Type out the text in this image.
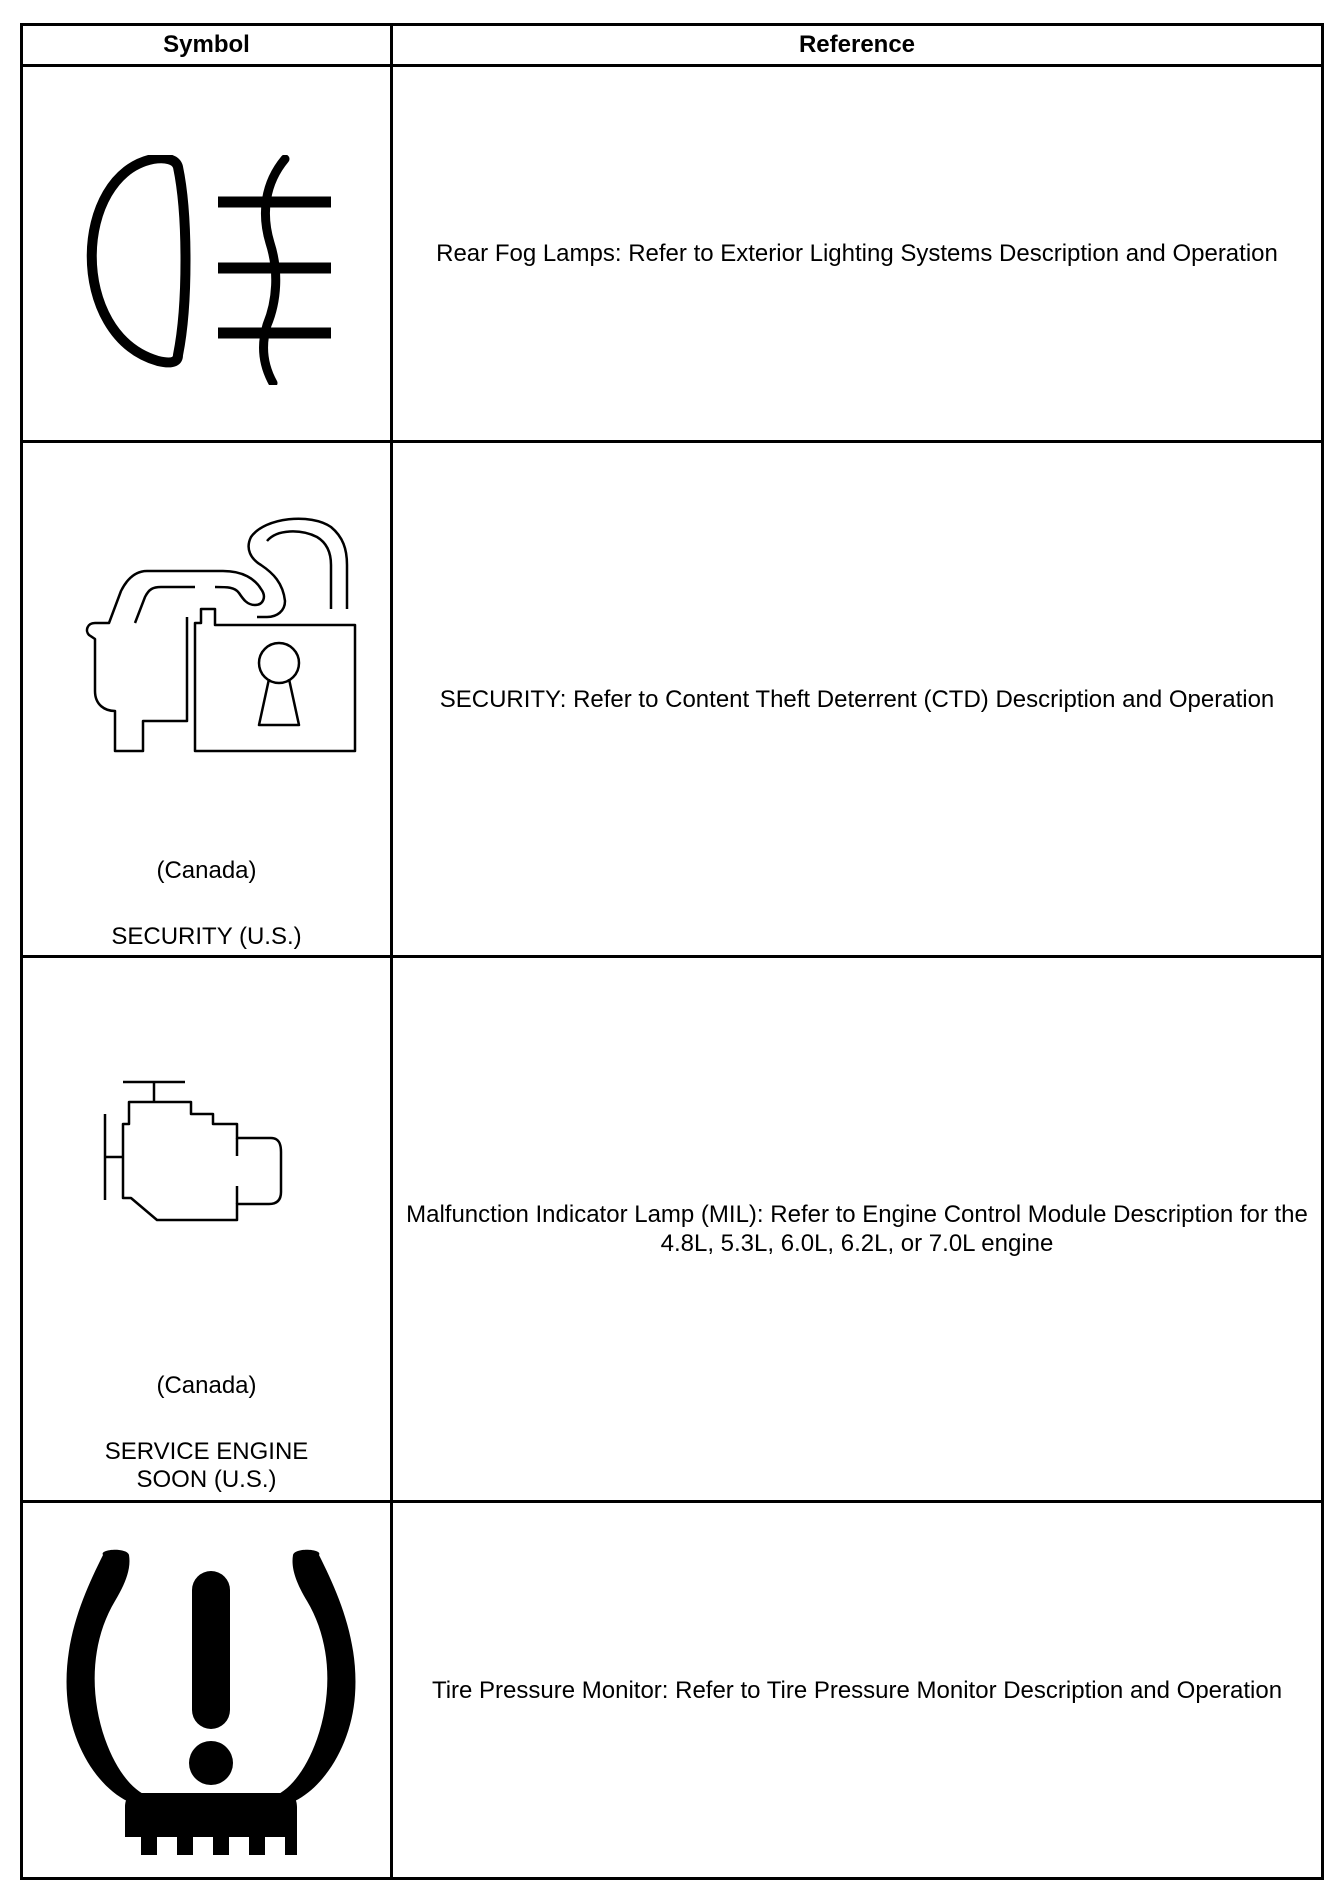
Symbol	Reference

	Rear Fog Lamps: Refer to Exterior Lighting Systems Description and Operation

(Canada)
SECURITY (U.S.)	SECURITY: Refer to Content Theft Deterrent (CTD) Description and Operation

(Canada)
SERVICE ENGINE SOON (U.S.)	Malfunction Indicator Lamp (MIL): Refer to Engine Control Module Description for the 4.8L, 5.3L, 6.0L, 6.2L, or 7.0L engine

	Tire Pressure Monitor: Refer to Tire Pressure Monitor Description and Operation
